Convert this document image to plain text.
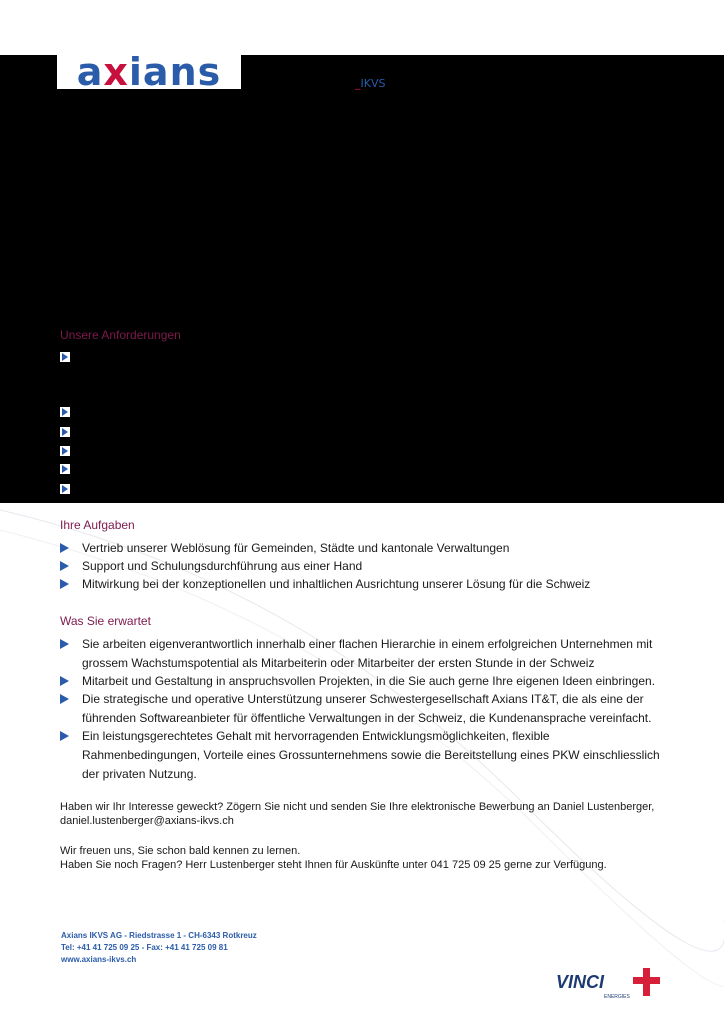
axians	_IKVS
Unsere Anforderungen
Ihre Aufgaben
Vertrieb unserer Weblösung für Gemeinden, Städte und kantonale Verwaltungen
Support und Schulungsdurchführung aus einer Hand
Mitwirkung bei der konzeptionellen und inhaltlichen Ausrichtung unserer Lösung für die Schweiz
Was Sie erwartet
Sie arbeiten eigenverantwortlich innerhalb einer flachen Hierarchie in einem erfolgreichen Unternehmen mit
grossem Wachstumspotential als Mitarbeiterin oder Mitarbeiter der ersten Stunde in der Schweiz
Mitarbeit und Gestaltung in anspruchsvollen Projekten, in die Sie auch gerne Ihre eigenen Ideen einbringen.
Die strategische und operative Unterstützung unserer Schwestergesellschaft Axians IT&T, die als eine der
führenden Softwareanbieter für öffentliche Verwaltungen in der Schweiz, die Kundenansprache vereinfacht.
Ein leistungsgerechtetes Gehalt mit hervorragenden Entwicklungsmöglichkeiten, flexible
Rahmenbedingungen, Vorteile eines Grossunternehmens sowie die Bereitstellung eines PKW einschliesslich
der privaten Nutzung.
Haben wir Ihr Interesse geweckt? Zögern Sie nicht und senden Sie Ihre elektronische Bewerbung an Daniel Lustenberger,
daniel.lustenberger@axians-ikvs.ch
Wir freuen uns, Sie schon bald kennen zu lernen.
Haben Sie noch Fragen? Herr Lustenberger steht Ihnen für Auskünfte unter 041 725 09 25 gerne zur Verfügung.
Axians IKVS AG - Riedstrasse 1 - CH-6343 Rotkreuz
Tel: +41 41 725 09 25 - Fax: +41 41 725 09 81
www.axians-ikvs.ch
VINCI
ENERGIES
